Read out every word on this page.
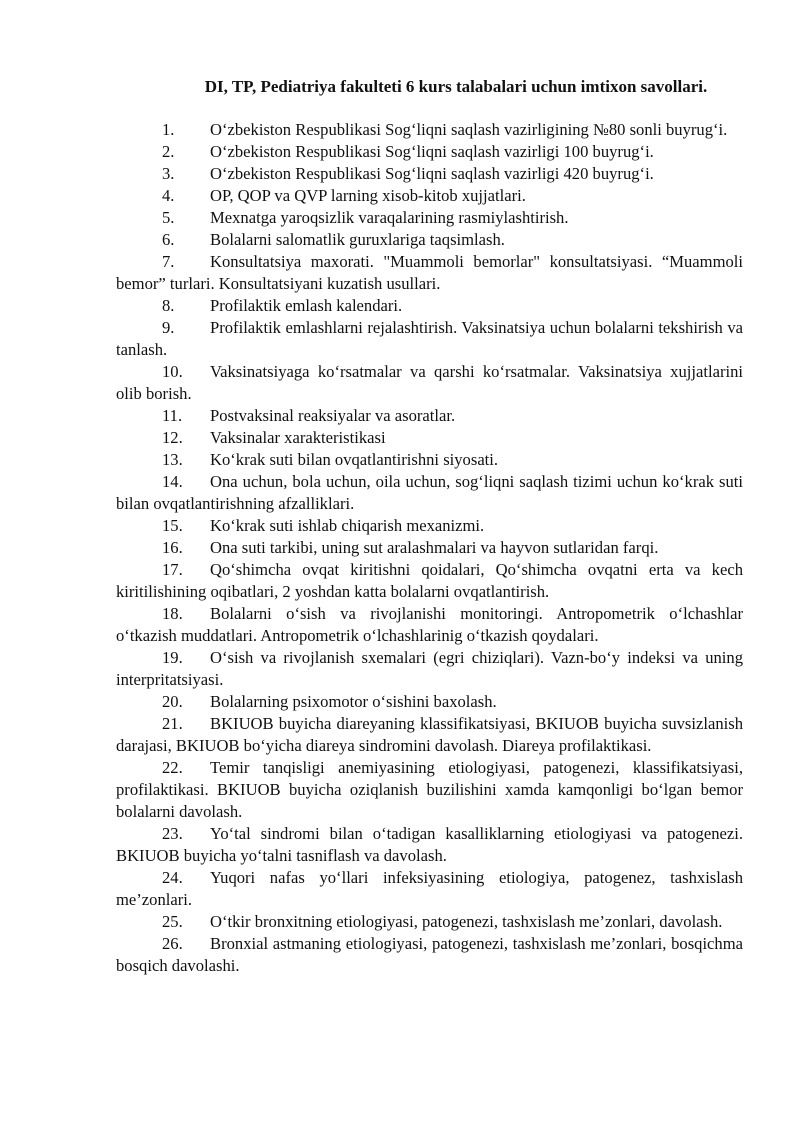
DI, TP, Pediatriya fakulteti 6 kurs talabalari uchun imtixon savollari.
1. O‘zbekiston Respublikasi Sog‘liqni saqlash vazirligining №80 sonli buyrug‘i.
2. O‘zbekiston Respublikasi Sog‘liqni saqlash vazirligi 100 buyrug‘i.
3. O‘zbekiston Respublikasi Sog‘liqni saqlash vazirligi 420 buyrug‘i.
4. OP, QOP va QVP larning xisob-kitob xujjatlari.
5. Mexnatga yaroqsizlik varaqalarining rasmiylashtirish.
6. Bolalarni salomatlik guruxlariga taqsimlash.
7. Konsultatsiya maxorati. "Muammoli bemorlar" konsultatsiyasi. “Muammoli bemor” turlari. Konsultatsiyani kuzatish usullari.
8. Profilaktik emlash kalendari.
9. Profilaktik emlashlarni rejalashtirish. Vaksinatsiya uchun bolalarni tekshirish va tanlash.
10. Vaksinatsiyaga ko‘rsatmalar va qarshi ko‘rsatmalar. Vaksinatsiya xujjatlarini olib borish.
11. Postvaksinal reaksiyalar va asoratlar.
12. Vaksinalar xarakteristikasi
13. Ko‘krak suti bilan ovqatlantirishni siyosati.
14. Ona uchun, bola uchun, oila uchun, sog‘liqni saqlash tizimi uchun ko‘krak suti bilan ovqatlantirishning afzalliklari.
15. Ko‘krak suti ishlab chiqarish mexanizmi.
16. Ona suti tarkibi, uning sut aralashmalari va hayvon sutlaridan farqi.
17. Qo‘shimcha ovqat kiritishni qoidalari, Qo‘shimcha ovqatni erta va kech kiritilishining oqibatlari, 2 yoshdan katta bolalarni ovqatlantirish.
18. Bolalarni o‘sish va rivojlanishi monitoringi. Antropometrik o‘lchashlar o‘tkazish muddatlari. Antropometrik o‘lchashlarinig o‘tkazish qoydalari.
19. O‘sish va rivojlanish sxemalari (egri chiziqlari). Vazn-bo‘y indeksi va uning interpritatsiyasi.
20. Bolalarning psixomotor o‘sishini baxolash.
21. BKIUOB buyicha diareyaning klassifikatsiyasi, BKIUOB buyicha suvsizlanish darajasi, BKIUOB bo‘yicha diareya sindromini davolash. Diareya profilaktikasi.
22. Temir tanqisligi anemiyasining etiologiyasi, patogenezi, klassifikatsiyasi, profilaktikasi. BKIUOB buyicha oziqlanish buzilishini xamda kamqonligi bo‘lgan bemor bolalarni davolash.
23. Yo‘tal sindromi bilan o‘tadigan kasalliklarning etiologiyasi va patogenezi. BKIUOB buyicha yo‘talni tasniflash va davolash.
24. Yuqori nafas yo‘llari infeksiyasining etiologiya, patogenez, tashxislash me’zonlari.
25. O‘tkir bronxitning etiologiyasi, patogenezi, tashxislash me’zonlari, davolash.
26. Bronxial astmaning etiologiyasi, patogenezi, tashxislash me’zonlari, bosqichma bosqich davolashi.
